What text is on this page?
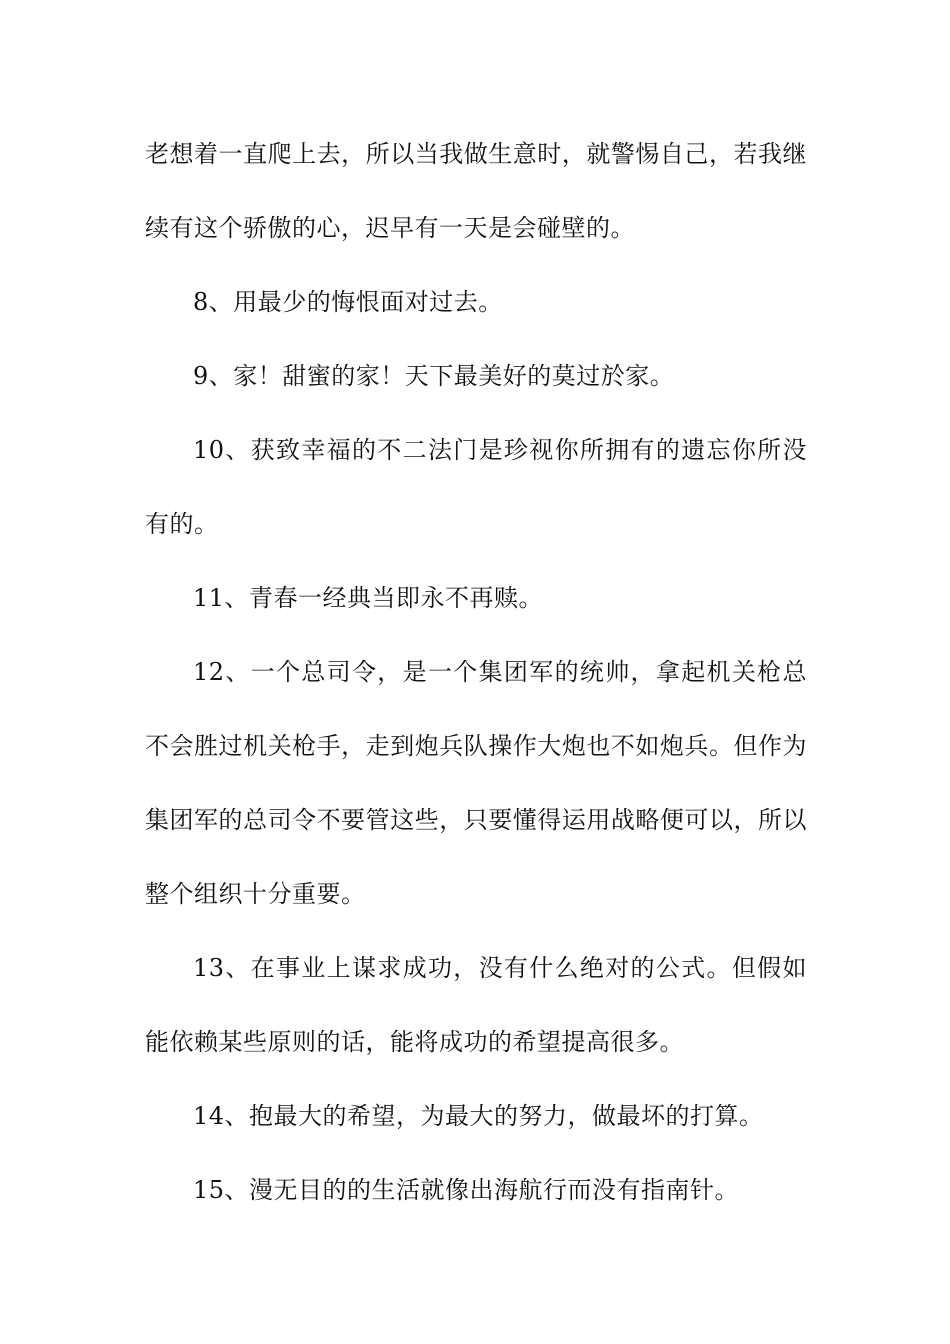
老想着一直爬上去，所以当我做生意时，就警惕自己，若我继续有这个骄傲的心，迟早有一天是会碰壁的。

8、用最少的悔恨面对过去。

9、家！甜蜜的家！天下最美好的莫过於家。

10、获致幸福的不二法门是珍视你所拥有的遗忘你所没有的。

11、青春一经典当即永不再赎。

12、一个总司令，是一个集团军的统帅，拿起机关枪总不会胜过机关枪手，走到炮兵队操作大炮也不如炮兵。但作为集团军的总司令不要管这些，只要懂得运用战略便可以，所以整个组织十分重要。

13、在事业上谋求成功，没有什么绝对的公式。但假如能依赖某些原则的话，能将成功的希望提高很多。

14、抱最大的希望，为最大的努力，做最坏的打算。

15、漫无目的的生活就像出海航行而没有指南针。
